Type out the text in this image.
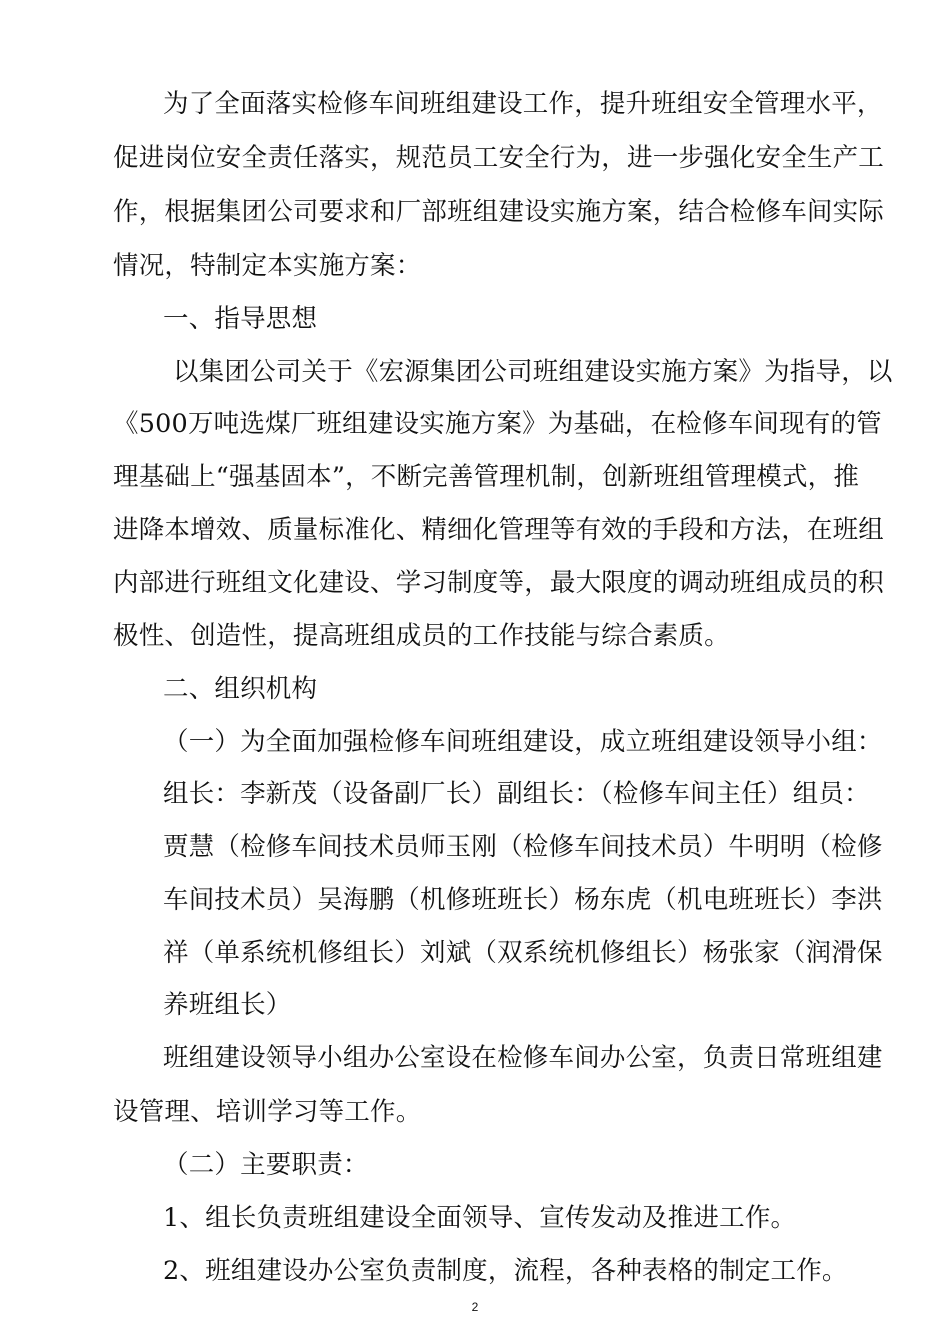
为了全面落实检修车间班组建设工作，提升班组安全管理水平，
促进岗位安全责任落实，规范员工安全行为，进一步强化安全生产工
作，根据集团公司要求和厂部班组建设实施方案，结合检修车间实际
情况，特制定本实施方案：
一、指导思想
以集团公司关于《宏源集团公司班组建设实施方案》为指导，以
《500万吨选煤厂班组建设实施方案》为基础，在检修车间现有的管
理基础上“强基固本”，不断完善管理机制，创新班组管理模式，推
进降本增效、质量标准化、精细化管理等有效的手段和方法，在班组
内部进行班组文化建设、学习制度等，最大限度的调动班组成员的积
极性、创造性，提高班组成员的工作技能与综合素质。
二、组织机构
（一）为全面加强检修车间班组建设，成立班组建设领导小组：
组长：李新茂（设备副厂长）副组长：（检修车间主任）组员：
贾慧（检修车间技术员师玉刚（检修车间技术员）牛明明（检修
车间技术员）吴海鹏（机修班班长）杨东虎（机电班班长）李洪
祥（单系统机修组长）刘斌（双系统机修组长）杨张家（润滑保
养班组长）
班组建设领导小组办公室设在检修车间办公室，负责日常班组建
设管理、培训学习等工作。
（二）主要职责：
1、组长负责班组建设全面领导、宣传发动及推进工作。
2、班组建设办公室负责制度，流程，各种表格的制定工作。
2
